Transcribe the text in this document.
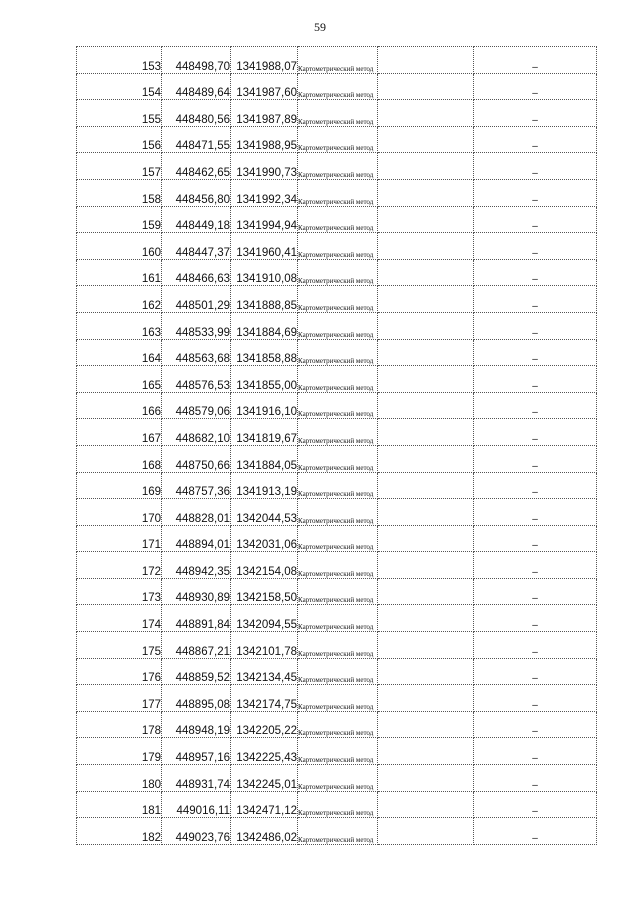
59
153	448498,70	1341988,07	Картометрический метод		–
154	448489,64	1341987,60	Картометрический метод		–
155	448480,56	1341987,89	Картометрический метод		–
156	448471,55	1341988,95	Картометрический метод		–
157	448462,65	1341990,73	Картометрический метод		–
158	448456,80	1341992,34	Картометрический метод		–
159	448449,18	1341994,94	Картометрический метод		–
160	448447,37	1341960,41	Картометрический метод		–
161	448466,63	1341910,08	Картометрический метод		–
162	448501,29	1341888,85	Картометрический метод		–
163	448533,99	1341884,69	Картометрический метод		–
164	448563,68	1341858,88	Картометрический метод		–
165	448576,53	1341855,00	Картометрический метод		–
166	448579,06	1341916,10	Картометрический метод		–
167	448682,10	1341819,67	Картометрический метод		–
168	448750,66	1341884,05	Картометрический метод		–
169	448757,36	1341913,19	Картометрический метод		–
170	448828,01	1342044,53	Картометрический метод		–
171	448894,01	1342031,06	Картометрический метод		–
172	448942,35	1342154,08	Картометрический метод		–
173	448930,89	1342158,50	Картометрический метод		–
174	448891,84	1342094,55	Картометрический метод		–
175	448867,21	1342101,78	Картометрический метод		–
176	448859,52	1342134,45	Картометрический метод		–
177	448895,08	1342174,75	Картометрический метод		–
178	448948,19	1342205,22	Картометрический метод		–
179	448957,16	1342225,43	Картометрический метод		–
180	448931,74	1342245,01	Картометрический метод		–
181	449016,11	1342471,12	Картометрический метод		–
182	449023,76	1342486,02	Картометрический метод		–
